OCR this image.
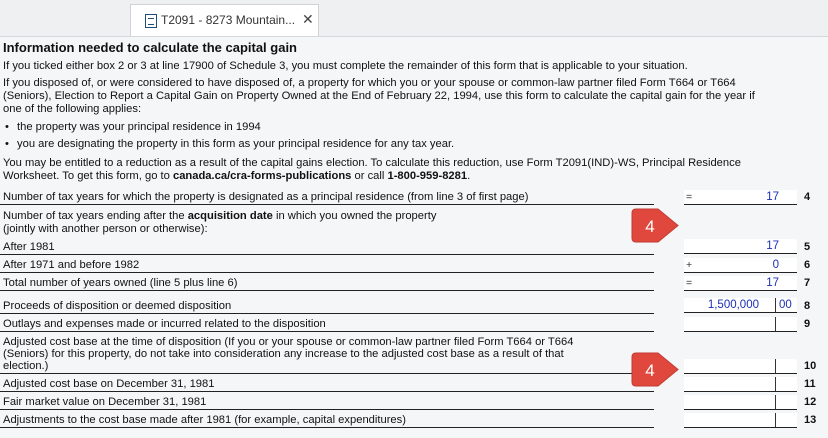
T2091 - 8273 Mountain... ✕
Information needed to calculate the capital gain
If you ticked either box 2 or 3 at line 17900 of Schedule 3, you must complete the remainder of this form that is applicable to your situation.
If you disposed of, or were considered to have disposed of, a property for which you or your spouse or common-law partner filed Form T664 or T664
(Seniors), Election to Report a Capital Gain on Property Owned at the End of February 22, 1994, use this form to calculate the capital gain for the year if
one of the following applies:
• the property was your principal residence in 1994
• you are designating the property in this form as your principal residence for any tax year.
You may be entitled to a reduction as a result of the capital gains election. To calculate this reduction, use Form T2091(IND)-WS, Principal Residence
Worksheet. To get this form, go to canada.ca/cra-forms-publications or call 1-800-959-8281.
Number of tax years for which the property is designated as a principal residence (from line 3 of first page)	=	17 4
Number of tax years ending after the acquisition date in which you owned the property
(jointly with another person or otherwise):
After 1981	17 5
After 1971 and before 1982	+	0 6
Total number of years owned (line 5 plus line 6)	=	17 7
Proceeds of disposition or deemed disposition	1,500,000 00 8
Outlays and expenses made or incurred related to the disposition	9
Adjusted cost base at the time of disposition (If you or your spouse or common-law partner filed Form T664 or T664
(Seniors) for this property, do not take into consideration any increase to the adjusted cost base as a result of that
election.)	10
Adjusted cost base on December 31, 1981	11
Fair market value on December 31, 1981	12
Adjustments to the cost base made after 1981 (for example, capital expenditures)	13
4
4
